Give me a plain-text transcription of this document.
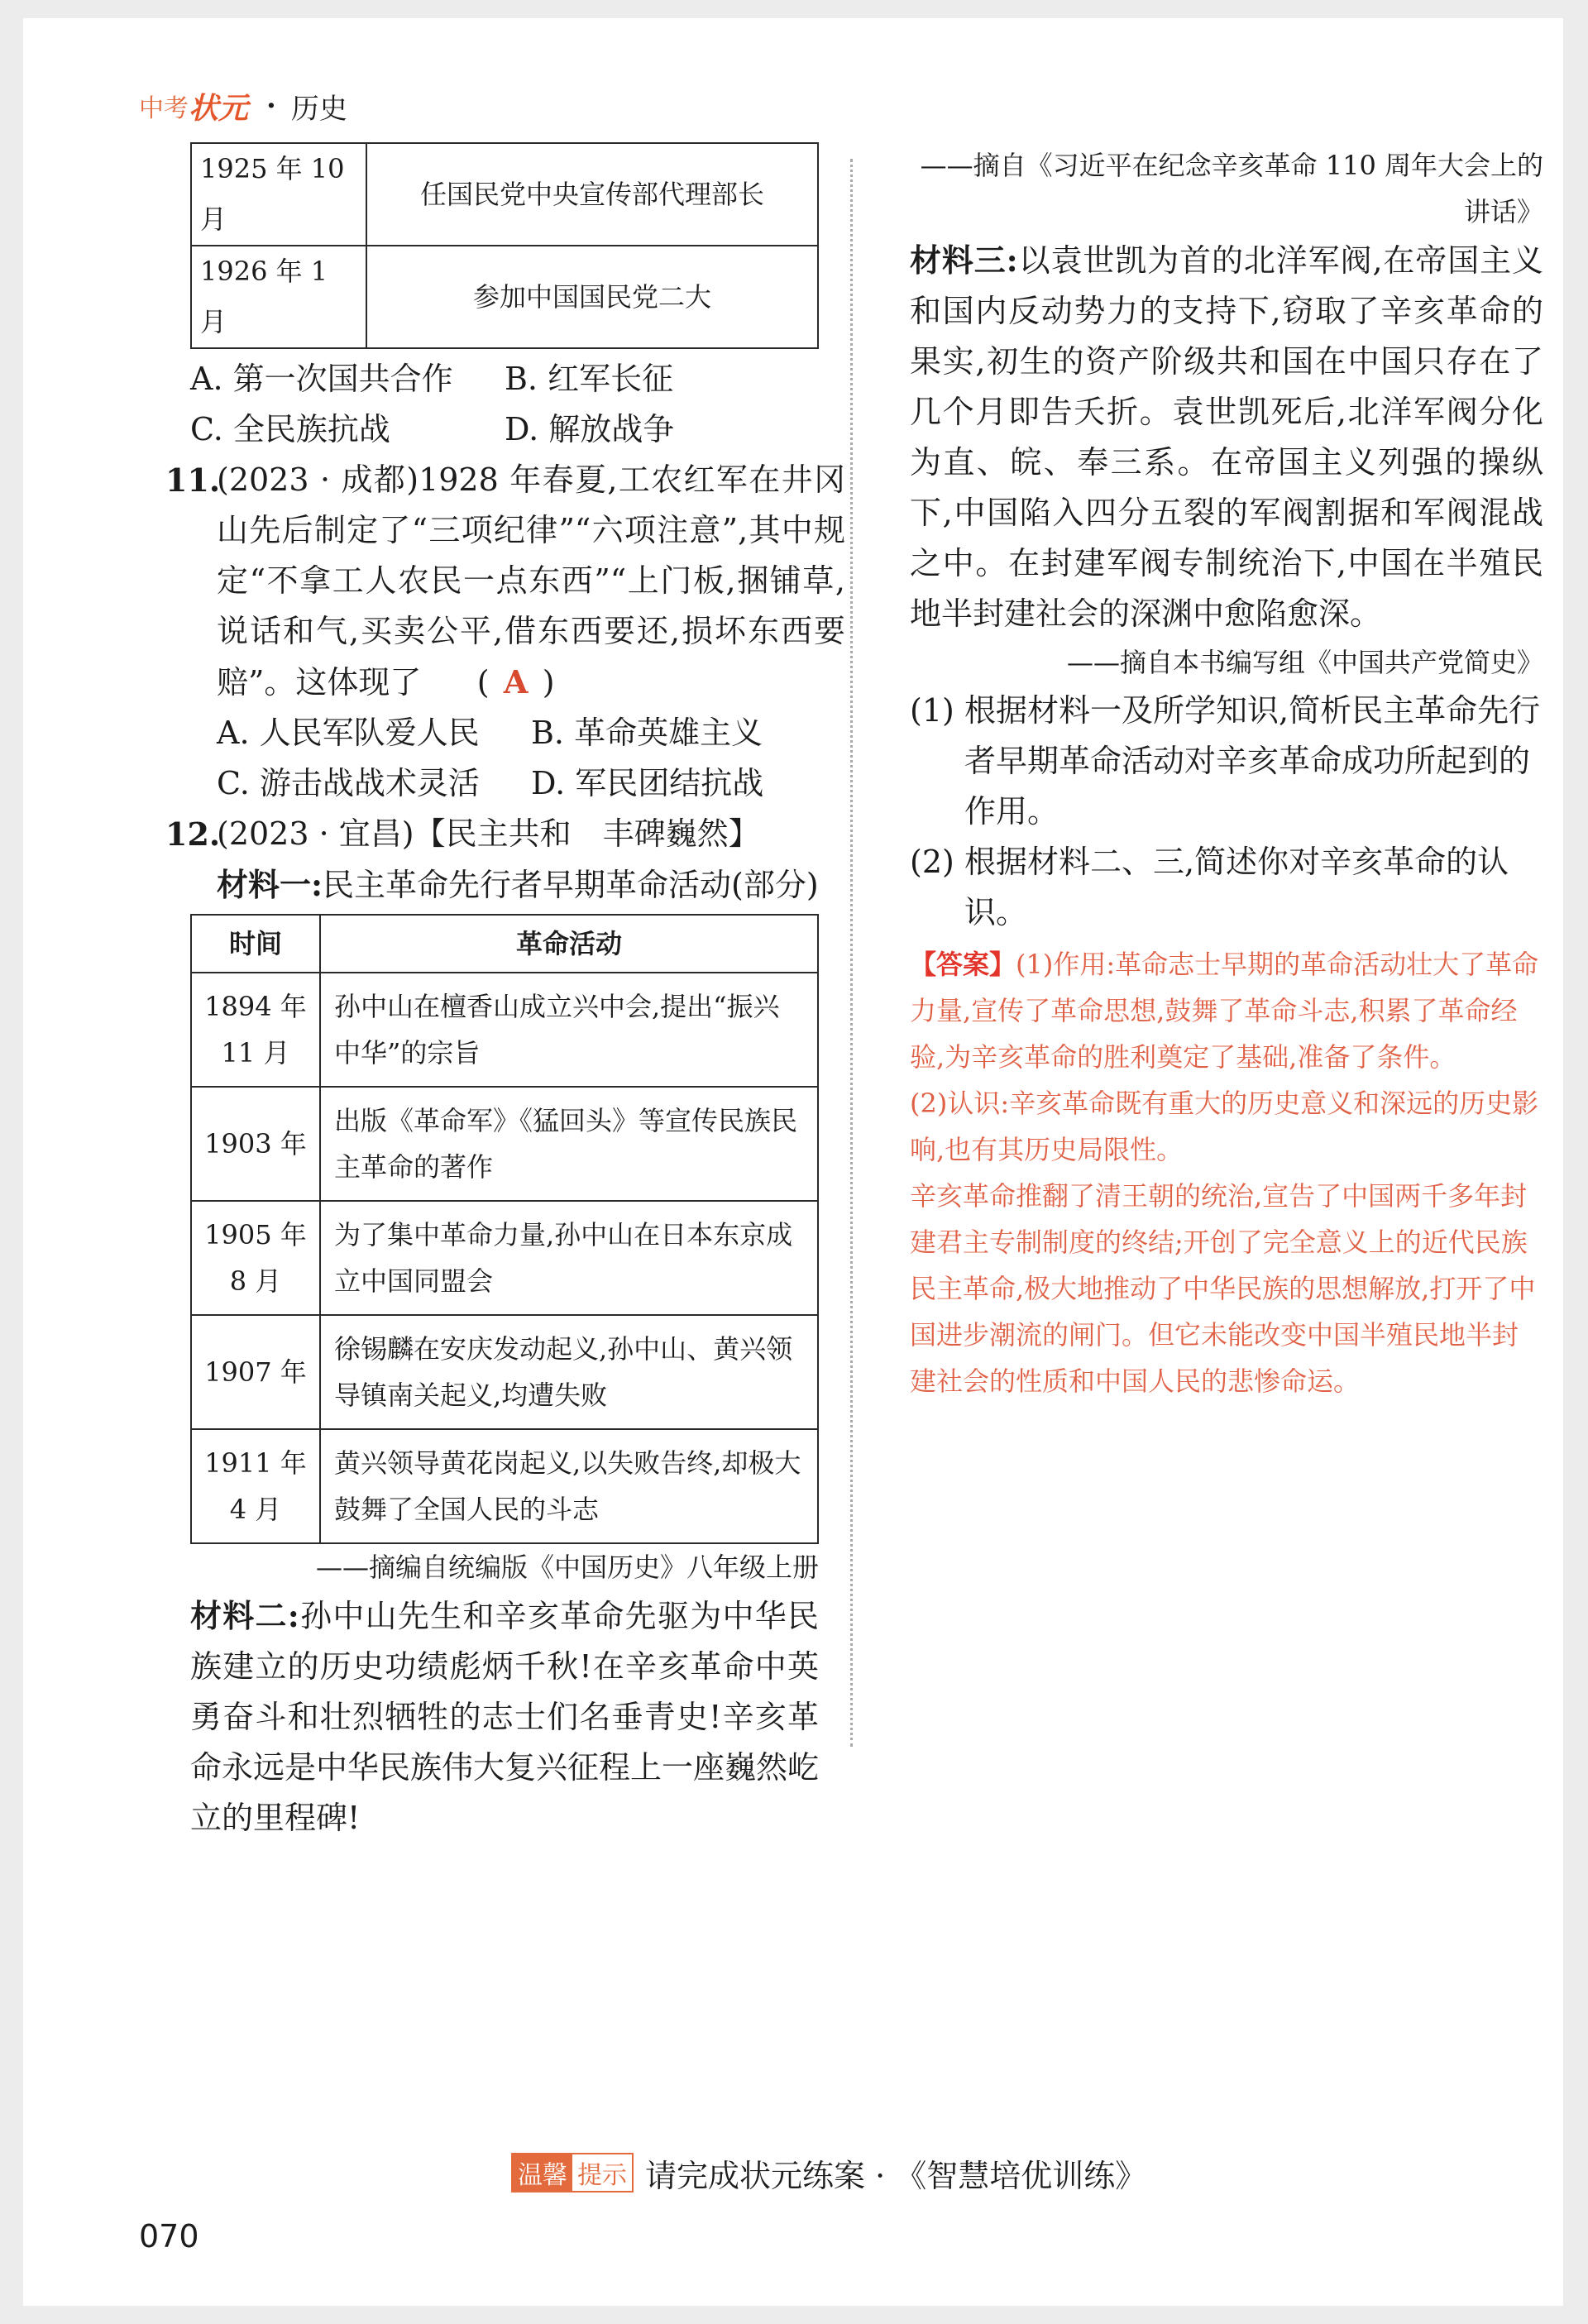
中考 状元 · 历史
1925 年 10 月	任国民党中央宣传部代理部长
1926 年 1 月	参加中国国民党二大
A. 第一次国共合作	B. 红军长征
C. 全民族抗战	D. 解放战争
11.
(2023 · 成都)1928 年春夏,工农红军在井冈山先后制定了“三项纪律”“六项注意”,其中规定“不拿工人农民一点东西”“上门板,捆铺草,说话和气,买卖公平,借东西要还,损坏东西要赔”。这体现了 ( A )
A. 人民军队爱人民	B. 革命英雄主义
C. 游击战战术灵活	D. 军民团结抗战
12.
(2023 · 宜昌)【民主共和　丰碑巍然】
材料一:民主革命先行者早期革命活动(部分)
时间	革命活动
1894 年 11 月	孙中山在檀香山成立兴中会,提出“振兴中华”的宗旨
1903 年	出版《革命军》《猛回头》等宣传民族民主革命的著作
1905 年 8 月	为了集中革命力量,孙中山在日本东京成立中国同盟会
1907 年	徐锡麟在安庆发动起义,孙中山、黄兴领导镇南关起义,均遭失败
1911 年 4 月	黄兴领导黄花岗起义,以失败告终,却极大鼓舞了全国人民的斗志
——摘编自统编版《中国历史》八年级上册
材料二:孙中山先生和辛亥革命先驱为中华民族建立的历史功绩彪炳千秋!在辛亥革命中英勇奋斗和壮烈牺牲的志士们名垂青史!辛亥革命永远是中华民族伟大复兴征程上一座巍然屹立的里程碑!
——摘自《习近平在纪念辛亥革命 110 周年大会上的讲话》
材料三:以袁世凯为首的北洋军阀,在帝国主义和国内反动势力的支持下,窃取了辛亥革命的果实,初生的资产阶级共和国在中国只存在了几个月即告夭折。袁世凯死后,北洋军阀分化为直、皖、奉三系。在帝国主义列强的操纵下,中国陷入四分五裂的军阀割据和军阀混战之中。在封建军阀专制统治下,中国在半殖民地半封建社会的深渊中愈陷愈深。
——摘自本书编写组《中国共产党简史》
(1) 根据材料一及所学知识,简析民主革命先行者早期革命活动对辛亥革命成功所起到的作用。
(2) 根据材料二、三,简述你对辛亥革命的认识。
【答案】(1)作用:革命志士早期的革命活动壮大了革命力量,宣传了革命思想,鼓舞了革命斗志,积累了革命经验,为辛亥革命的胜利奠定了基础,准备了条件。
(2)认识:辛亥革命既有重大的历史意义和深远的历史影响,也有其历史局限性。
辛亥革命推翻了清王朝的统治,宣告了中国两千多年封建君主专制制度的终结;开创了完全意义上的近代民族民主革命,极大地推动了中华民族的思想解放,打开了中国进步潮流的闸门。但它未能改变中国半殖民地半封建社会的性质和中国人民的悲惨命运。
温馨 提示 请完成状元练案 · 《智慧培优训练》
070
